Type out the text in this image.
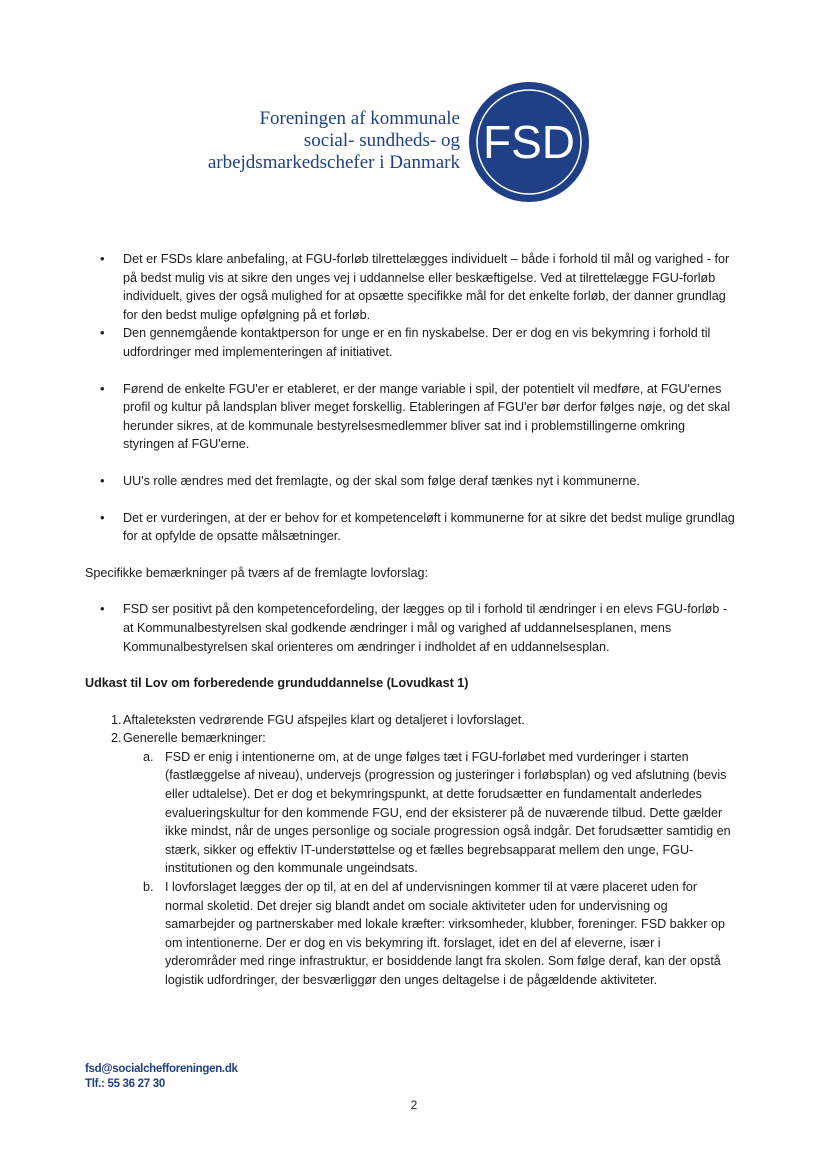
Foreningen af kommunale
social- sundheds- og
arbejdsmarkedschefer i Danmark FSD
• Det er FSDs klare anbefaling, at FGU-forløb tilrettelægges individuelt – både i forhold til mål og varighed - for på bedst mulig vis at sikre den unges vej i uddannelse eller beskæftigelse. Ved at tilrettelægge FGU-forløb individuelt, gives der også mulighed for at opsætte specifikke mål for det enkelte forløb, der danner grundlag for den bedst mulige opfølgning på et forløb.
• Den gennemgående kontaktperson for unge er en fin nyskabelse. Der er dog en vis bekymring i forhold til udfordringer med implementeringen af initiativet.
• Førend de enkelte FGU'er er etableret, er der mange variable i spil, der potentielt vil medføre, at FGU'ernes profil og kultur på landsplan bliver meget forskellig. Etableringen af FGU'er bør derfor følges nøje, og det skal herunder sikres, at de kommunale bestyrelsesmedlemmer bliver sat ind i problemstillingerne omkring styringen af FGU'erne.
• UU's rolle ændres med det fremlagte, og der skal som følge deraf tænkes nyt i kommunerne.
• Det er vurderingen, at der er behov for et kompetenceløft i kommunerne for at sikre det bedst mulige grundlag for at opfylde de opsatte målsætninger.

Specifikke bemærkninger på tværs af de fremlagte lovforslag:

• FSD ser positivt på den kompetencefordeling, der lægges op til i forhold til ændringer i en elevs FGU-forløb - at Kommunalbestyrelsen skal godkende ændringer i mål og varighed af uddannelsesplanen, mens Kommunalbestyrelsen skal orienteres om ændringer i indholdet af en uddannelsesplan.

Udkast til Lov om forberedende grunduddannelse (Lovudkast 1)

1. Aftaleteksten vedrørende FGU afspejles klart og detaljeret i lovforslaget.
2. Generelle bemærkninger:
a. FSD er enig i intentionerne om, at de unge følges tæt i FGU-forløbet med vurderinger i starten (fastlæggelse af niveau), undervejs (progression og justeringer i forløbsplan) og ved afslutning (bevis eller udtalelse). Det er dog et bekymringspunkt, at dette forudsætter en fundamentalt anderledes evalueringskultur for den kommende FGU, end der eksisterer på de nuværende tilbud. Dette gælder ikke mindst, når de unges personlige og sociale progression også indgår. Det forudsætter samtidig en stærk, sikker og effektiv IT-understøttelse og et fælles begrebsapparat mellem den unge, FGU-institutionen og den kommunale ungeindsats.
b. I lovforslaget lægges der op til, at en del af undervisningen kommer til at være placeret uden for normal skoletid. Det drejer sig blandt andet om sociale aktiviteter uden for undervisning og samarbejder og partnerskaber med lokale kræfter: virksomheder, klubber, foreninger. FSD bakker op om intentionerne. Der er dog en vis bekymring ift. forslaget, idet en del af eleverne, især i yderområder med ringe infrastruktur, er bosiddende langt fra skolen. Som følge deraf, kan der opstå logistik udfordringer, der besværliggør den unges deltagelse i de pågældende aktiviteter.
fsd@socialchefforeningen.dk
Tlf.: 55 36 27 30
2
